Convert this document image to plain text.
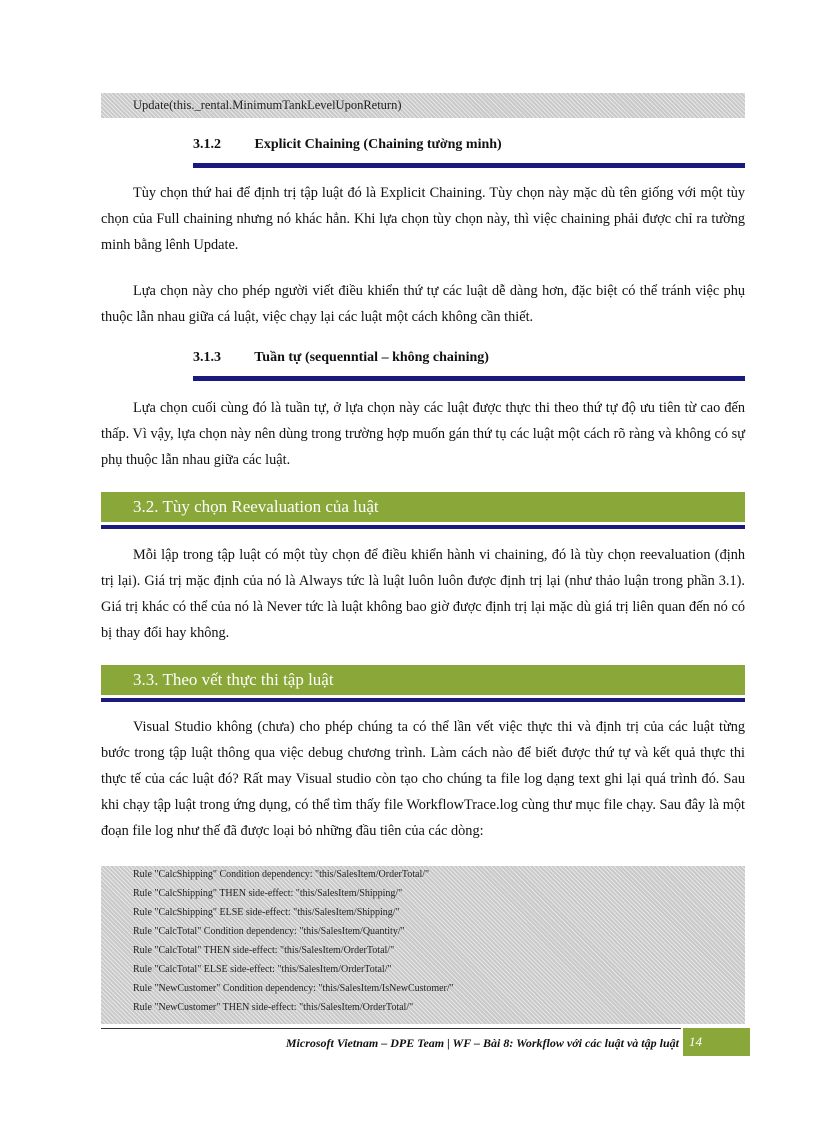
Update(this._rental.MinimumTankLevelUponReturn)
3.1.2 Explicit Chaining (Chaining tường minh)

Tùy chọn thứ hai để định trị tập luật đó là Explicit Chaining. Tùy chọn này mặc dù tên giống với một tùy chọn của Full chaining nhưng nó khác hẳn. Khi lựa chọn tùy chọn này, thì việc chaining phải được chỉ ra tường minh bằng lênh Update.

Lựa chọn này cho phép người viết điều khiển thứ tự các luật dễ dàng hơn, đặc biệt có thể tránh việc phụ thuộc lẫn nhau giữa cá luật, việc chạy lại các luật một cách không cần thiết.

3.1.3 Tuần tự (sequenntial – không chaining)

Lựa chọn cuối cùng đó là tuần tự, ở lựa chọn này các luật được thực thi theo thứ tự độ ưu tiên từ cao đến thấp. Vì vậy, lựa chọn này nên dùng trong trường hợp muốn gán thứ tụ các luật một cách rõ ràng và không có sự phụ thuộc lẫn nhau giữa các luật.

3.2. Tùy chọn Reevaluation của luật

Mỗi lập trong tập luật có một tùy chọn để điều khiển hành vi chaining, đó là tùy chọn reevaluation (định trị lại). Giá trị mặc định của nó là Always tức là luật luôn luôn được định trị lại (như thảo luận trong phần 3.1). Giá trị khác có thể của nó là Never tức là luật không bao giờ được định trị lại mặc dù giá trị liên quan đến nó có bị thay đổi hay không.

3.3. Theo vết thực thi tập luật

Visual Studio không (chưa) cho phép chúng ta có thể lần vết việc thực thi và định trị của các luật từng bước trong tập luật thông qua việc debug chương trình. Làm cách nào để biết được thứ tự và kết quả thực thi thực tế của các luật đó? Rất may Visual studio còn tạo cho chúng ta file log dạng text ghi lại quá trình đó. Sau khi chạy tập luật trong ứng dụng, có thể tìm thấy file WorkflowTrace.log cùng thư mục file chạy. Sau đây là một đoạn file log như thế đã được loại bỏ những đầu tiên của các dòng:

Rule "CalcShipping" Condition dependency: "this/SalesItem/OrderTotal/"
Rule "CalcShipping" THEN side-effect: "this/SalesItem/Shipping/"
Rule "CalcShipping" ELSE side-effect: "this/SalesItem/Shipping/"
Rule "CalcTotal" Condition dependency: "this/SalesItem/Quantity/"
Rule "CalcTotal" THEN side-effect: "this/SalesItem/OrderTotal/"
Rule "CalcTotal" ELSE side-effect: "this/SalesItem/OrderTotal/"
Rule "NewCustomer" Condition dependency: "this/SalesItem/IsNewCustomer/"
Rule "NewCustomer" THEN side-effect: "this/SalesItem/OrderTotal/"
Microsoft Vietnam – DPE Team | WF – Bài 8: Workflow với các luật và tập luật 14
